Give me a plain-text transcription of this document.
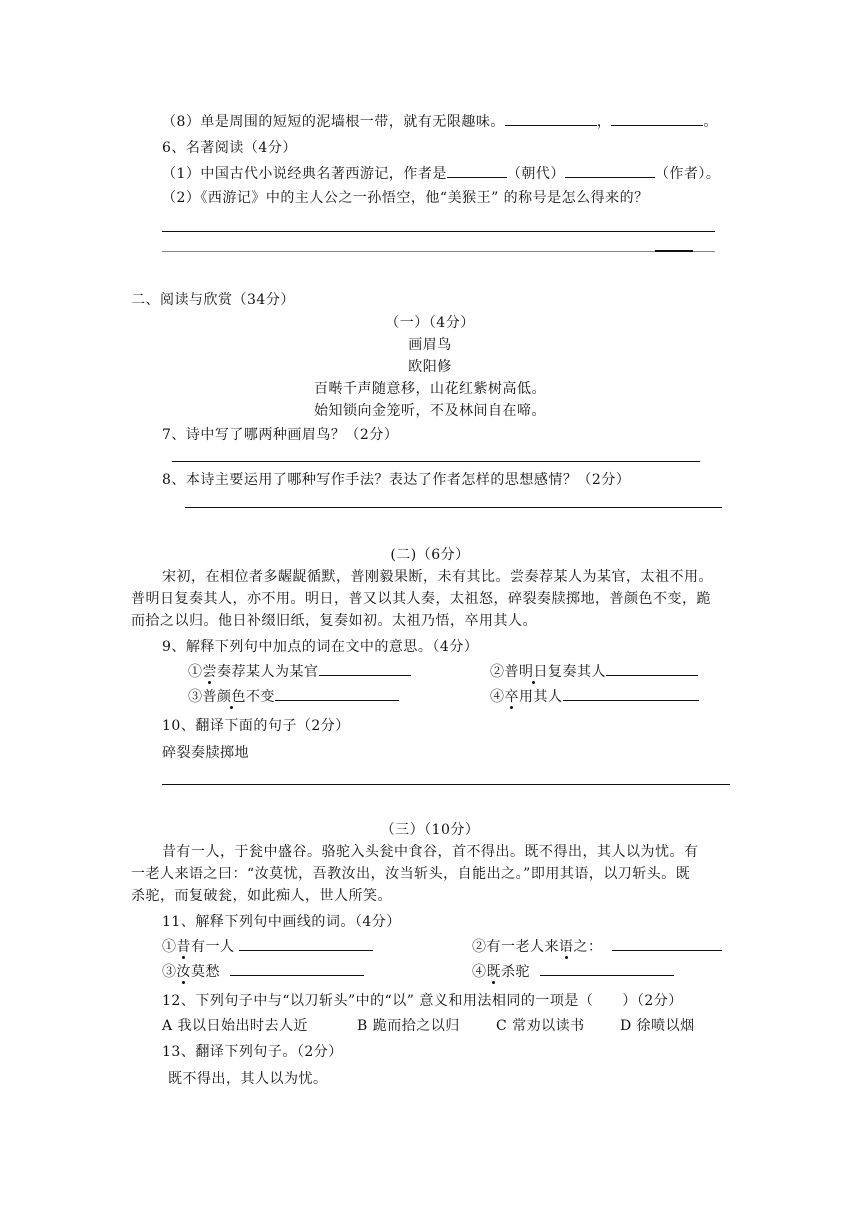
（8）单是周围的短短的泥墙根一带，就有无限趣味。	，	。
6、名著阅读（4分）
（1）中国古代小说经典名著西游记，作者是	（朝代）	（作者）。
（2）《西游记》中的主人公之一孙悟空，他“美猴王” 的称号是怎么得来的？
二、阅读与欣赏（34分）
（一）（4分）
画眉鸟
欧阳修
百啭千声随意移，山花红紫树高低。
始知锁向金笼听，不及林间自在啼。
7、诗中写了哪两种画眉鸟？（2分）
8、本诗主要运用了哪种写作手法？表达了作者怎样的思想感情？（2分）
(二)（6分）
宋初，在相位者多龌龊循默，普刚毅果断，未有其比。尝奏荐某人为某官，太祖不用。
普明日复奏其人，亦不用。明日，普又以其人奏，太祖怒，碎裂奏牍掷地，普颜色不变，跪
而拾之以归。他日补缀旧纸，复奏如初。太祖乃悟，卒用其人。
9、解释下列句中加点的词在文中的意思。（4分）
①尝奏荐某人为某官	②普明日复奏其人
③普颜色不变	④卒用其人
10、翻译下面的句子（2分）
碎裂奏牍掷地
（三）（10分）
昔有一人，于瓮中盛谷。骆驼入头瓮中食谷，首不得出。既不得出，其人以为忧。有
一老人来语之曰：“汝莫忧，吾教汝出，汝当斩头，自能出之。”即用其语，以刀斩头。既
杀驼，而复破瓮，如此痴人，世人所笑。
11、解释下列句中画线的词。（4分）
①昔有一人	②有一老人来语之：
③汝莫愁	④既杀驼
12、下列句子中与“以刀斩头”中的“以” 意义和用法相同的一项是（　　）（2分）
A 我以日始出时去人近	B 跪而拾之以归	C 常劝以读书	D 徐喷以烟
13、翻译下列句子。（2分）
既不得出，其人以为忧。
